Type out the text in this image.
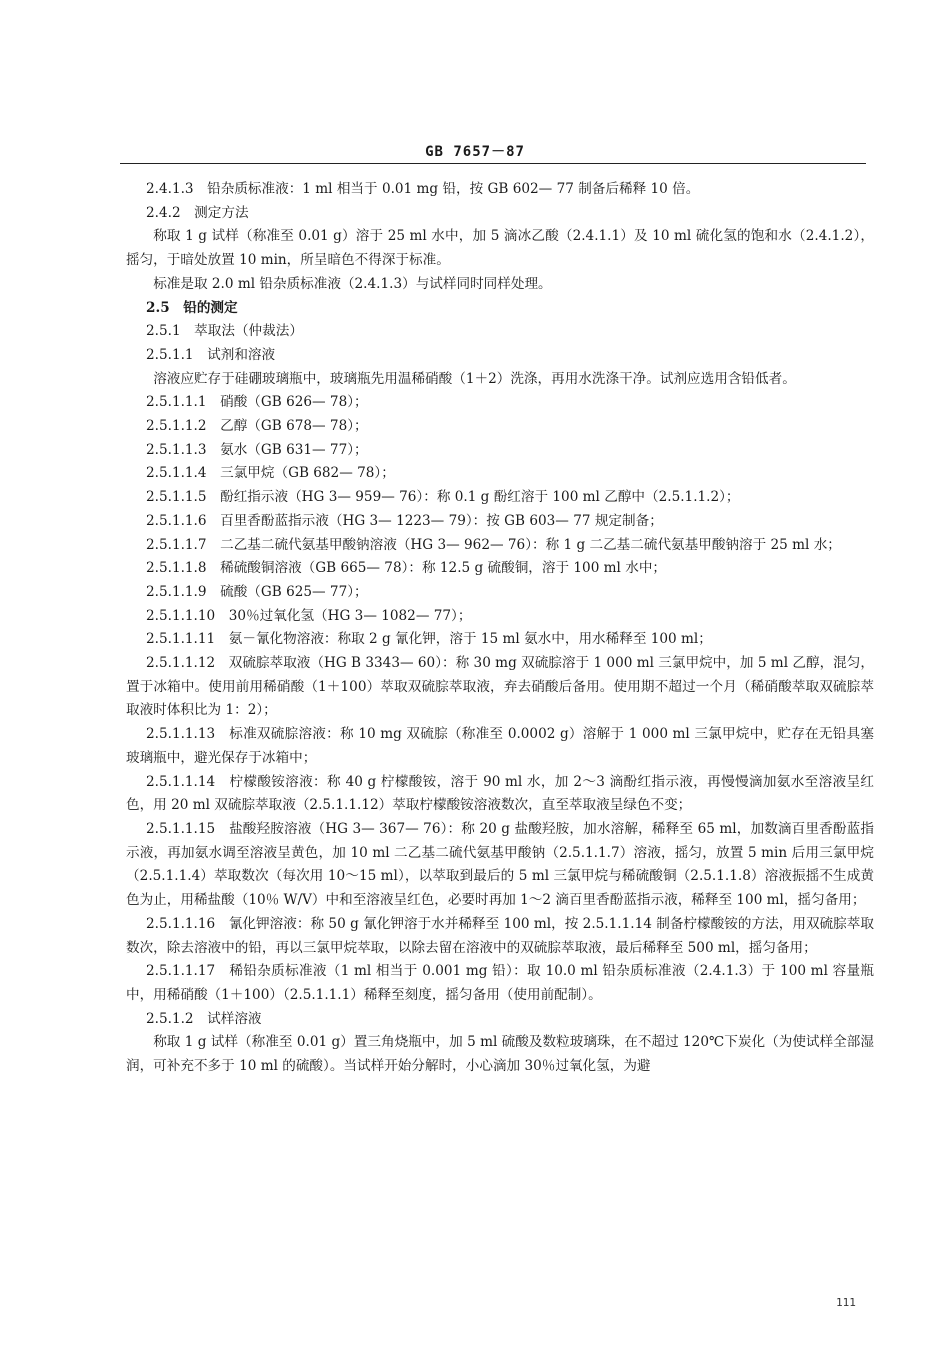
GB 7657－87

2.4.1.3　铅杂质标准液：1 ml 相当于 0.01 mg 铅，按 GB 602— 77 制备后稀释 10 倍。

2.4.2　测定方法

称取 1 g 试样（称准至 0.01 g）溶于 25 ml 水中，加 5 滴冰乙酸（2.4.1.1）及 10 ml 硫化氢的饱和水（2.4.1.2），摇匀，于暗处放置 10 min，所呈暗色不得深于标准。

标准是取 2.0 ml 铅杂质标准液（2.4.1.3）与试样同时同样处理。

2.5　铅的测定

2.5.1　萃取法（仲裁法）

2.5.1.1　试剂和溶液

溶液应贮存于硅硼玻璃瓶中，玻璃瓶先用温稀硝酸（1＋2）洗涤，再用水洗涤干净。试剂应选用含铅低者。

2.5.1.1.1　硝酸（GB 626— 78）；

2.5.1.1.2　乙醇（GB 678— 78）；

2.5.1.1.3　氨水（GB 631— 77）；

2.5.1.1.4　三氯甲烷（GB 682— 78）；

2.5.1.1.5　酚红指示液（HG 3— 959— 76）：称 0.1 g 酚红溶于 100 ml 乙醇中（2.5.1.1.2）；

2.5.1.1.6　百里香酚蓝指示液（HG 3— 1223— 79）：按 GB 603— 77 规定制备；

2.5.1.1.7　二乙基二硫代氨基甲酸钠溶液（HG 3— 962— 76）：称 1 g 二乙基二硫代氨基甲酸钠溶于 25 ml 水；

2.5.1.1.8　稀硫酸铜溶液（GB 665— 78）：称 12.5 g 硫酸铜，溶于 100 ml 水中；

2.5.1.1.9　硫酸（GB 625— 77）；

2.5.1.1.10　30％过氧化氢（HG 3— 1082— 77）；

2.5.1.1.11　氨－氰化物溶液：称取 2 g 氰化钾，溶于 15 ml 氨水中，用水稀释至 100 ml；

2.5.1.1.12　双硫腙萃取液（HG B 3343— 60）：称 30 mg 双硫腙溶于 1 000 ml 三氯甲烷中，加 5 ml 乙醇，混匀，置于冰箱中。使用前用稀硝酸（1＋100）萃取双硫腙萃取液，弃去硝酸后备用。使用期不超过一个月（稀硝酸萃取双硫腙萃取液时体积比为 1：2）；

2.5.1.1.13　标准双硫腙溶液：称 10 mg 双硫腙（称准至 0.0002 g）溶解于 1 000 ml 三氯甲烷中，贮存在无铅具塞玻璃瓶中，避光保存于冰箱中；

2.5.1.1.14　柠檬酸铵溶液：称 40 g 柠檬酸铵，溶于 90 ml 水，加 2～3 滴酚红指示液，再慢慢滴加氨水至溶液呈红色，用 20 ml 双硫腙萃取液（2.5.1.1.12）萃取柠檬酸铵溶液数次，直至萃取液呈绿色不变；

2.5.1.1.15　盐酸羟胺溶液（HG 3— 367— 76）：称 20 g 盐酸羟胺，加水溶解，稀释至 65 ml，加数滴百里香酚蓝指示液，再加氨水调至溶液呈黄色，加 10 ml 二乙基二硫代氨基甲酸钠（2.5.1.1.7）溶液，摇匀，放置 5 min 后用三氯甲烷（2.5.1.1.4）萃取数次（每次用 10～15 ml），以萃取到最后的 5 ml 三氯甲烷与稀硫酸铜（2.5.1.1.8）溶液振摇不生成黄色为止，用稀盐酸（10％ W/V）中和至溶液呈红色，必要时再加 1～2 滴百里香酚蓝指示液，稀释至 100 ml，摇匀备用；

2.5.1.1.16　氰化钾溶液：称 50 g 氰化钾溶于水并稀释至 100 ml，按 2.5.1.1.14 制备柠檬酸铵的方法，用双硫腙萃取数次，除去溶液中的铅，再以三氯甲烷萃取，以除去留在溶液中的双硫腙萃取液，最后稀释至 500 ml，摇匀备用；

2.5.1.1.17　稀铅杂质标准液（1 ml 相当于 0.001 mg 铅）：取 10.0 ml 铅杂质标准液（2.4.1.3）于 100 ml 容量瓶中，用稀硝酸（1＋100）（2.5.1.1.1）稀释至刻度，摇匀备用（使用前配制）。

2.5.1.2　试样溶液

称取 1 g 试样（称准至 0.01 g）置三角烧瓶中，加 5 ml 硫酸及数粒玻璃珠，在不超过 120℃下炭化（为使试样全部湿润，可补充不多于 10 ml 的硫酸）。当试样开始分解时，小心滴加 30％过氧化氢，为避

111
